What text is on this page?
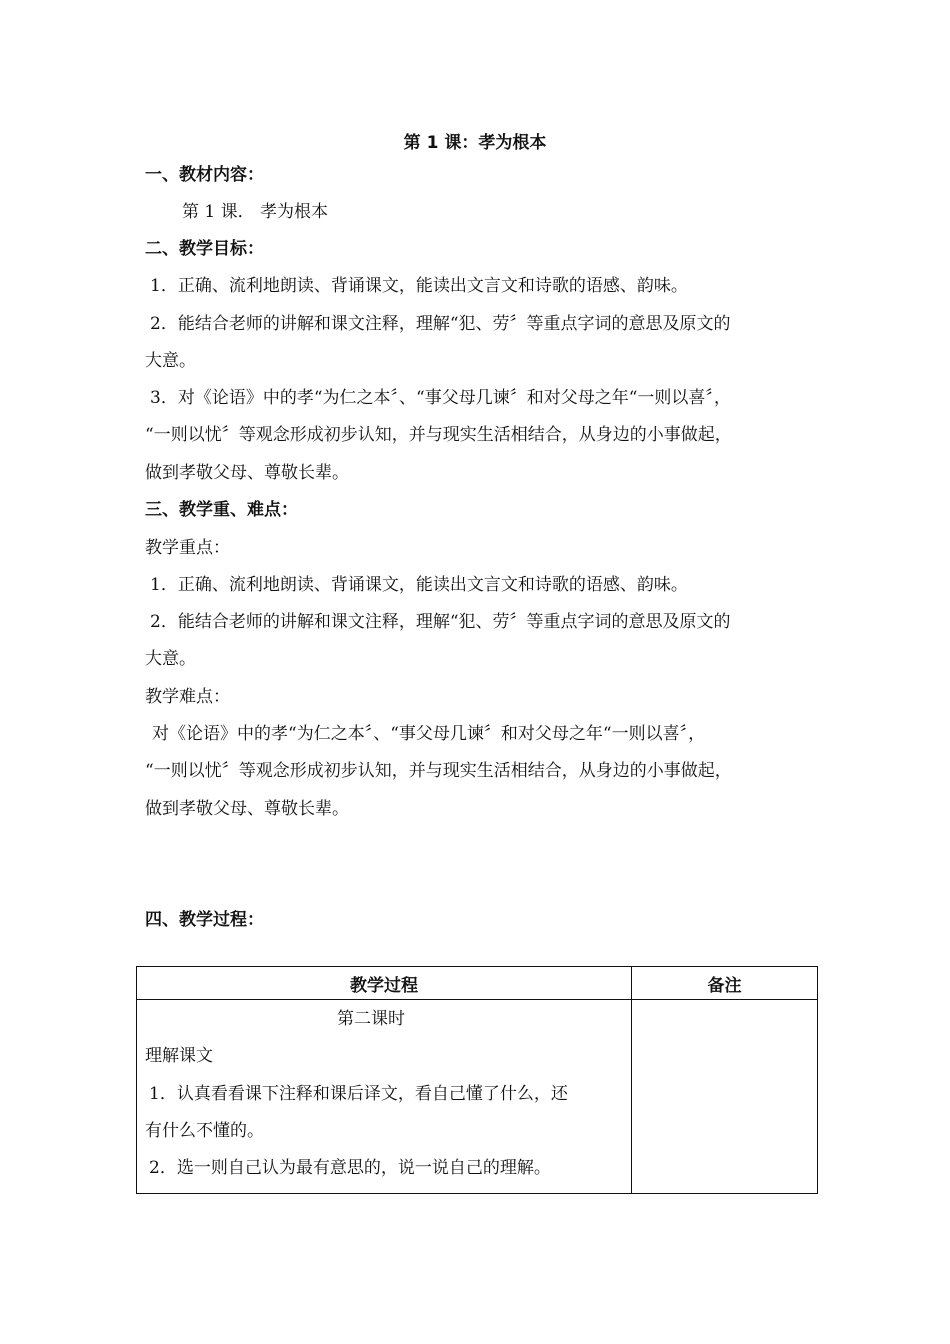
第 1 课：孝为根本
一、教材内容：
第 1 课． 孝为根本
二、教学目标：
1．正确、流利地朗读、背诵课文，能读出文言文和诗歌的语感、韵味。
2．能结合老师的讲解和课文注释，理解“犯、劳〞等重点字词的意思及原文的
大意。
3．对《论语》中的孝“为仁之本〞、“事父母几谏〞和对父母之年“一则以喜〞，
“一则以忧〞等观念形成初步认知，并与现实生活相结合，从身边的小事做起，
做到孝敬父母、尊敬长辈。
三、教学重、难点：
教学重点：
1．正确、流利地朗读、背诵课文，能读出文言文和诗歌的语感、韵味。
2．能结合老师的讲解和课文注释，理解“犯、劳〞等重点字词的意思及原文的
大意。
教学难点：
对《论语》中的孝“为仁之本〞、“事父母几谏〞和对父母之年“一则以喜〞，
“一则以忧〞等观念形成初步认知，并与现实生活相结合，从身边的小事做起，
做到孝敬父母、尊敬长辈。
四、教学过程：
教学过程	备注

第二课时
理解课文
1．认真看看课下注释和课后译文，看自己懂了什么，还
有什么不懂的。
2．选一则自己认为最有意思的，说一说自己的理解。	
